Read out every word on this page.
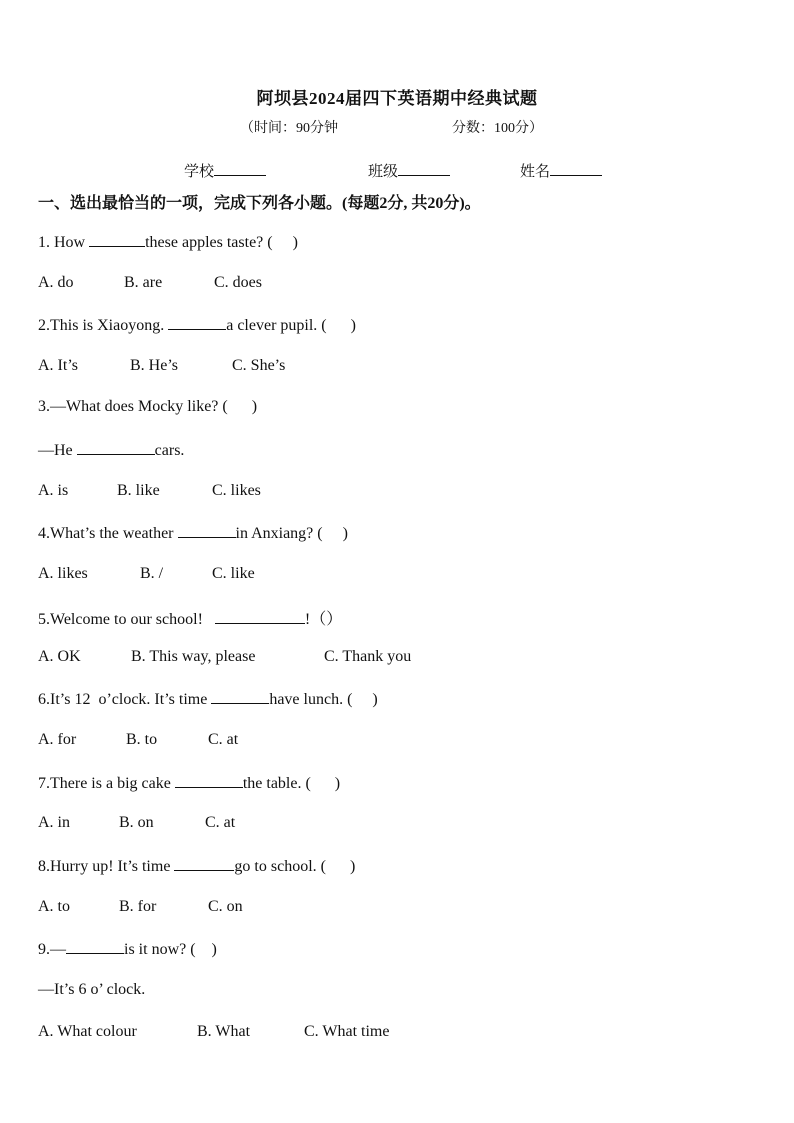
阿坝县2024届四下英语期中经典试题
（时间：90分钟	分数：100分）
学校	班级	姓名
一、选出最恰当的一项，完成下列各小题。(每题2分, 共20分)。
1. How	these apples taste? (     )
A. do	B. are	C. does
2.This is Xiaoyong.	a clever pupil. (      )
A. It’s	B. He’s	C. She’s
3.—What does Mocky like? (      )
—He	cars.
A. is	B. like	C. likes
4.What’s the weather	in Anxiang? (     )
A. likes	B. /	C. like
5.Welcome to our school!	!（）
A. OK	B. This way, please	C. Thank you
6.It’s 12  o’clock. It’s time	have lunch. (     )
A. for	B. to	C. at
7.There is a big cake	the table. (      )
A. in	B. on	C. at
8.Hurry up! It’s time	go to school. (      )
A. to	B. for	C. on
9.—	is it now? (    )
—It’s 6 o’ clock.
A. What colour	B. What	C. What time
